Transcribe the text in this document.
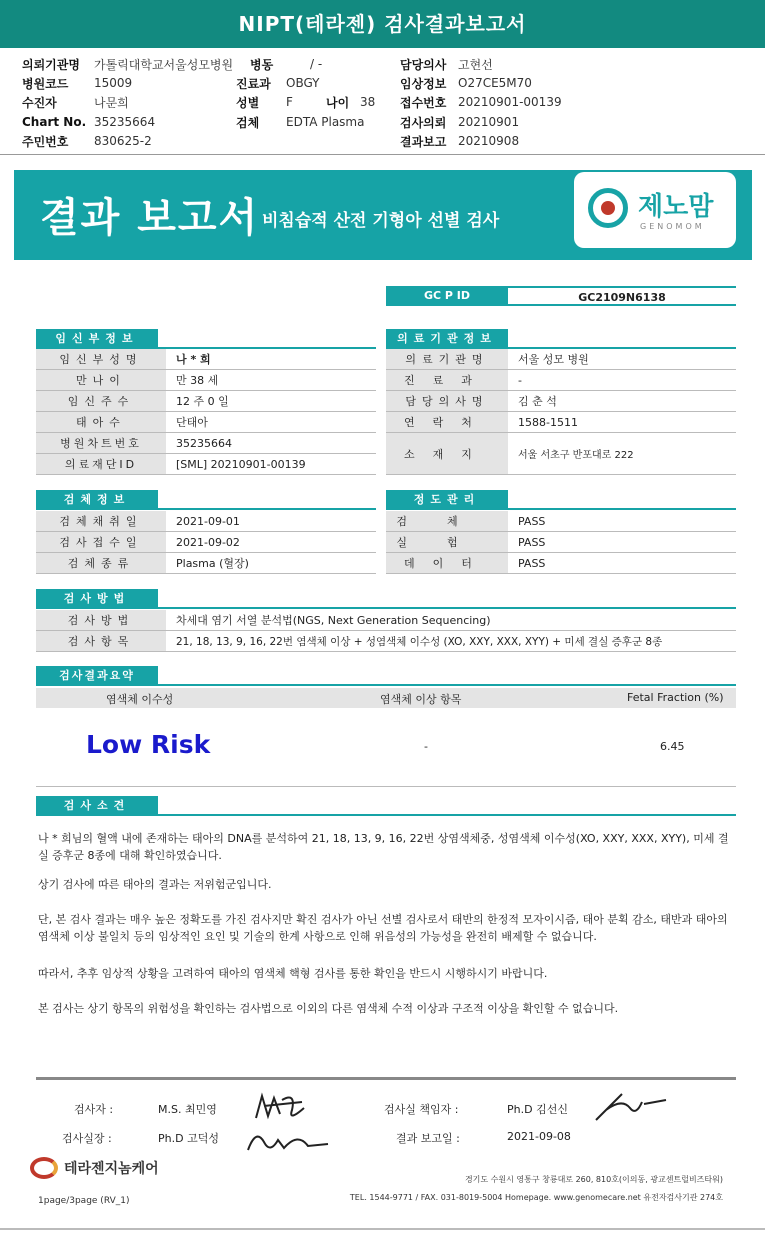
NIPT(테라젠) 검사결과보고서
의뢰기관명	가톨릭대학교서울성모병원 병동	/ -	담당의사 고현선
병원코드	15009	진료과	OBGY	임상정보 O27CE5M70
수진자	나문희	성별	F	나이 38 접수번호 20210901-00139
Chart No. 35235664	검체	EDTA Plasma	검사의뢰 20210901
주민번호	830625-2	결과보고 20210908
결과 보고서 비침습적 산전 기형아 선별 검사	제노맘
GENOMOM
GC P ID	GC2109N6138
임신부정보
임신부성명	나 * 희
만나이	만 38 세
임신주수	12 주 0 일
태아수	단태아
병원차트번호	35235664
의료재단ID	[SML] 20210901-00139
의료기관정보
의료기관명	서울 성모 병원
진료과	-
담당의사명	김 춘 석
연락처	1588-1511
소재지	서울 서초구 반포대로 222
검체정보
검체채취일	2021-09-01
검사접수일	2021-09-02
검체종류	Plasma (혈장)
정도관리
검체	PASS
실험	PASS
데이터	PASS
검사방법
검사방법	차세대 염기 서열 분석법(NGS, Next Generation Sequencing)
검사항목	21, 18, 13, 9, 16, 22번 염색체 이상 + 성염색체 이수성 (XO, XXY, XXX, XYY) + 미세 결실 증후군 8종
검사결과요약
염색체 이수성	염색체 이상 항목	Fetal Fraction (%)
Low Risk	-	6.45
검사소견
나 * 희님의 혈액 내에 존재하는 태아의 DNA를 분석하여 21, 18, 13, 9, 16, 22번 상염색체중, 성염색체 이수성(XO, XXY, XXX, XYY), 미세 결실 증후군 8종에 대해 확인하였습니다.
상기 검사에 따른 태아의 결과는 저위험군입니다.
단, 본 검사 결과는 매우 높은 정확도를 가진 검사지만 확진 검사가 아닌 선별 검사로서 태반의 한정적 모자이시즘, 태아 분획 감소, 태반과 태아의 염색체 이상 불일치 등의 임상적인 요인 및 기술의 한계 사항으로 인해 위음성의 가능성을 완전히 배제할 수 없습니다.
따라서, 추후 임상적 상황을 고려하여 태아의 염색체 핵형 검사를 통한 확인을 반드시 시행하시기 바랍니다.
본 검사는 상기 항목의 위험성을 확인하는 검사법으로 이외의 다른 염색체 수적 이상과 구조적 이상을 확인할 수 없습니다.
검사자 :	M.S. 최민영	검사실 책임자 :	Ph.D 김선신
검사실장 :	Ph.D 고덕성	결과 보고일 :	2021-09-08
테라젠지놈케어
경기도 수원시 영통구 창룡대로 260, 810호(이의동, 광교센트럴비즈타워)
TEL. 1544-9771 / FAX. 031-8019-5004 Homepage. www.genomecare.net 유전자검사기관 274호
1page/3page (RV_1)
